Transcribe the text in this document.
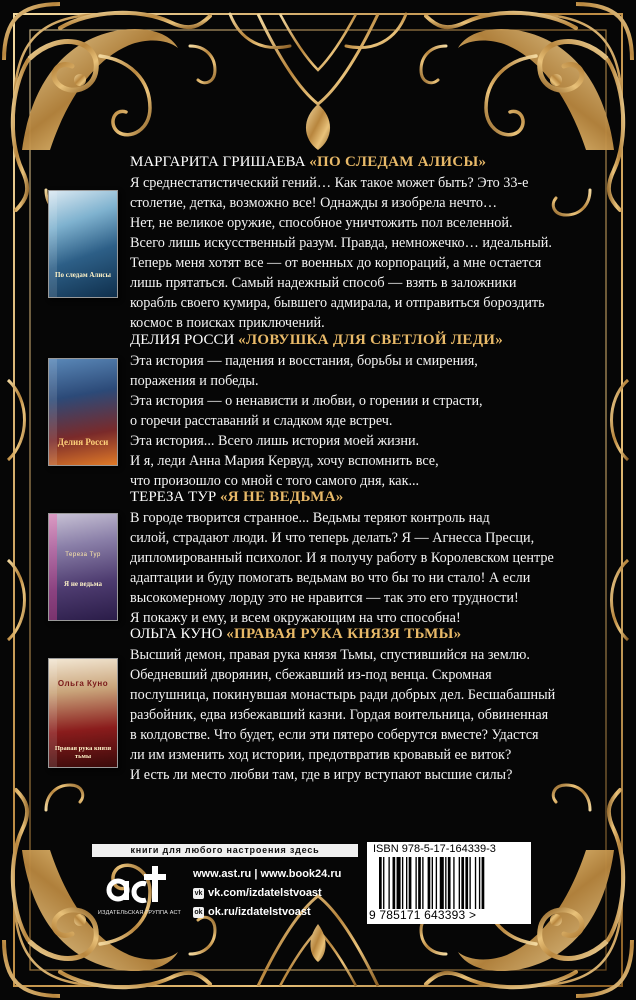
По следам Алисы
МАРГАРИТА ГРИШАЕВА «ПО СЛЕДАМ АЛИСЫ»
Я среднестатистический гений… Как такое может быть? Это 33-е
столетие, детка, возможно все! Однажды я изобрела нечто…
Нет, не великое оружие, способное уничтожить пол вселенной.
Всего лишь искусственный разум. Правда, немножечко… идеальный.
Теперь меня хотят все — от военных до корпораций, а мне остается
лишь прятаться. Самый надежный способ — взять в заложники
корабль своего кумира, бывшего адмирала, и отправиться бороздить
космос в поисках приключений.
Делия Росси
ДЕЛИЯ РОССИ «ЛОВУШКА ДЛЯ СВЕТЛОЙ ЛЕДИ»
Эта история — падения и восстания, борьбы и смирения,
поражения и победы.
Эта история — о ненависти и любви, о горении и страсти,
о горечи расставаний и сладком яде встреч.
Эта история... Всего лишь история моей жизни.
И я, леди Анна Мария Кервуд, хочу вспомнить все,
что произошло со мной с того самого дня, как...
Тереза Тур
Я не ведьма
ТЕРЕЗА ТУР «Я НЕ ВЕДЬМА»
В городе творится странное... Ведьмы теряют контроль над
силой, страдают люди. И что теперь делать? Я — Агнесса Пресци,
дипломированный психолог. И я получу работу в Королевском центре
адаптации и буду помогать ведьмам во что бы то ни стало! А если
высокомерному лорду это не нравится — так это его трудности!
Я покажу и ему, и всем окружающим на что способна!
Ольга Куно
Правая рука князя тьмы
ОЛЬГА КУНО «ПРАВАЯ РУКА КНЯЗЯ ТЬМЫ»
Высший демон, правая рука князя Тьмы, спустившийся на землю.
Обедневший дворянин, сбежавший из-под венца. Скромная
послушница, покинувшая монастырь ради добрых дел. Бесшабашный
разбойник, едва избежавший казни. Гордая воительница, обвиненная
в колдовстве. Что будет, если эти пятеро соберутся вместе? Удастся
ли им изменить ход истории, предотвратив кровавый ее виток?
И есть ли место любви там, где в игру вступают высшие силы?
книги для любого настроения здесь
ИЗДАТЕЛЬСКАЯ ГРУППА АСТ
www.ast.ru | www.book24.ru
vk vk.com/izdatelstvoast
ok ok.ru/izdatelstvoast
ISBN 978-5-17-164339-3
9 785171 643393 >
